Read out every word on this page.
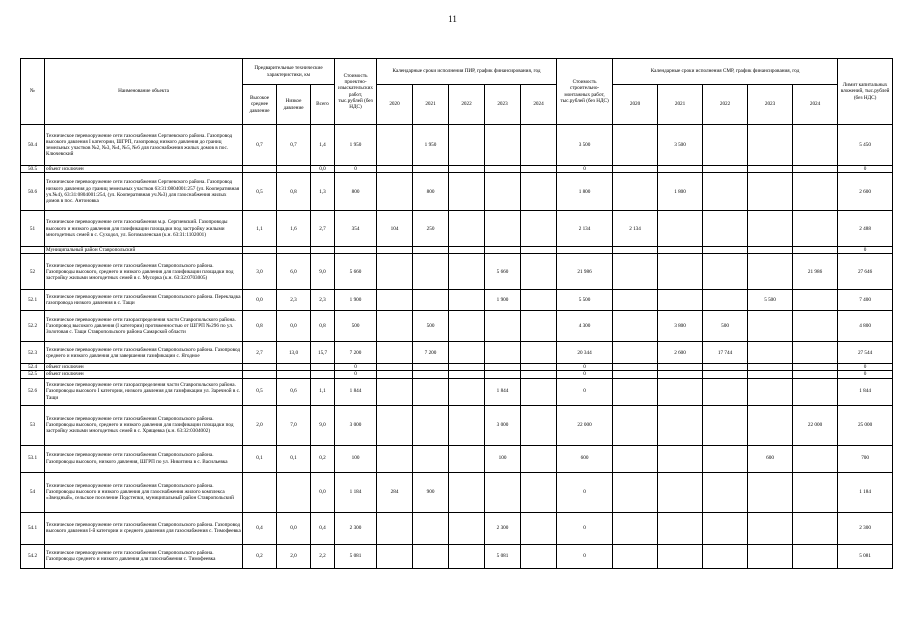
11
№	Наименование объекта	Предварительные технические характеристики, км			Стоимость проектно-изыскательских работ, тыс.рублей (без НДС)	Календарные сроки исполнения ПИР, график финансирования, год					Стоимость строительно-монтажных работ, тыс.рублей (без НДС)	Календарные сроки исполнения СМР, график финансирования, год					Лимит капитальных вложений, тыс.рублей (без НДС)
		Высокое среднее давление	Низкое давление	Всего		2020	2021	2022	2023	2024		2020	2021	2022	2023	2024	
50.4	Техническое перевооружение сети газоснабжения Сергиевского района. Газопровод высокого давления I категории, ШГРП, газопровод низкого давления до границ земельных участков №2, №3, №4, №5, №6 для газоснабжения жилых домов в пос. Ключевский	0,7	0,7	1,4	1 950		1 950				3 500		3 500				5 450
50.5	объект исключен			0,0	0						0						0
50.6	Техническое перевооружение сети газоснабжения Сергиевского района. Газопровод низкого давления до границ земельных участков 63:31:0804001:257 (ул. Кооперативная уч.№4), 63:31:0804001:254, (ул. Кооперативная уч.№3) для газоснабжения жилых домов в пос. Антоновка	0,5	0,8	1,3	800		800				1 800		1 800				2 600
51	Техническое перевооружение сети газоснабжения м.р. Сергиевский. Газопроводы высокого и низкого давления для газификации площадки под застройку жилыми многодетных семей в с. Суходол, ул. Богомаленская (к.н. 63:31:1102001)	1,1	1,6	2,7	354	104	250				2 134	2 134					2 488
	Муниципальный район Ставропольский																0
52	Техническое перевооружение сети газоснабжения Ставропольского района. Газопроводы высокого, среднего и низкого давления для газификации площадки под застройку жилыми многодетных семей в с. Мусорка (к.н. 63:32:0703005)	3,0	6,0	9,0	5 660				5 660		21 986					21 986	27 646
52.1	Техническое перевооружение сети газоснабжения Ставропольского района. Перекладка газопровода низкого давления в с. Тащи	0,0	2,3	2,3	1 900				1 900		5 500				5 500		7 400
52.2	Техническое перевооружение сети газораспределения части Ставропольского района. Газопровод высокого давления (I категории) протяженностью от ШГРП №296 по ул. Золотовая с. Тащи Ставропольского района Самарской области	0,8	0,0	0,8	500		500				4 300		3 800	500			4 800
52.3	Техническое перевооружение сети газоснабжения Ставропольского района. Газопровод среднего и низкого давления для завершения газификации с. Ягодное	2,7	13,0	15,7	7 200		7 200				20 344		2 600	17 744			27 544
52.4	объект исключен				0						0						0
52.5	объект исключен				0						0						0
52.6	Техническое перевооружение сети газораспределения части Ставропольского района. Газопроводы высокого I категории, низкого давления для газификации ул. Заречной в с. Тащи	0,5	0,6	1,1	1 844				1 844		0						1 844
53	Техническое перевооружение сети газоснабжения Ставропольского района. Газопроводы высокого, среднего и низкого давления для газификации площадки под застройку жилыми многодетных семей в с. Хрящевка (к.н. 63:32:0304002)	2,0	7,0	9,0	3 000				3 000		22 000					22 000	25 000
53.1	Техническое перевооружение сети газоснабжения Ставропольского района. Газопроводы высокого, низкого давления, ШГРП по ул. Никитина в с. Васильевка	0,1	0,1	0,2	100				100		600				600		700
54	Техническое перевооружение сети газоснабжения Ставропольского района. Газопроводы высокого и низкого давления для газоснабжения жилого комплекса «Звездный», сельское поселение Подстепки, муниципальный район Ставропольский			0,0	1 184	284	900				0						1 184
54.1	Техническое перевооружение сети газоснабжения Ставропольского района. Газопровод высокого давления I-й категории и среднего давления для газоснабжения с. Тимофеевка	0,4	0,0	0,4	2 300				2 300		0						2 300
54.2	Техническое перевооружение сети газоснабжения Ставропольского района. Газопроводы среднего и низкого давления для газоснабжения с. Тимофеевка	0,2	2,0	2,2	5 081				5 081		0						5 081
